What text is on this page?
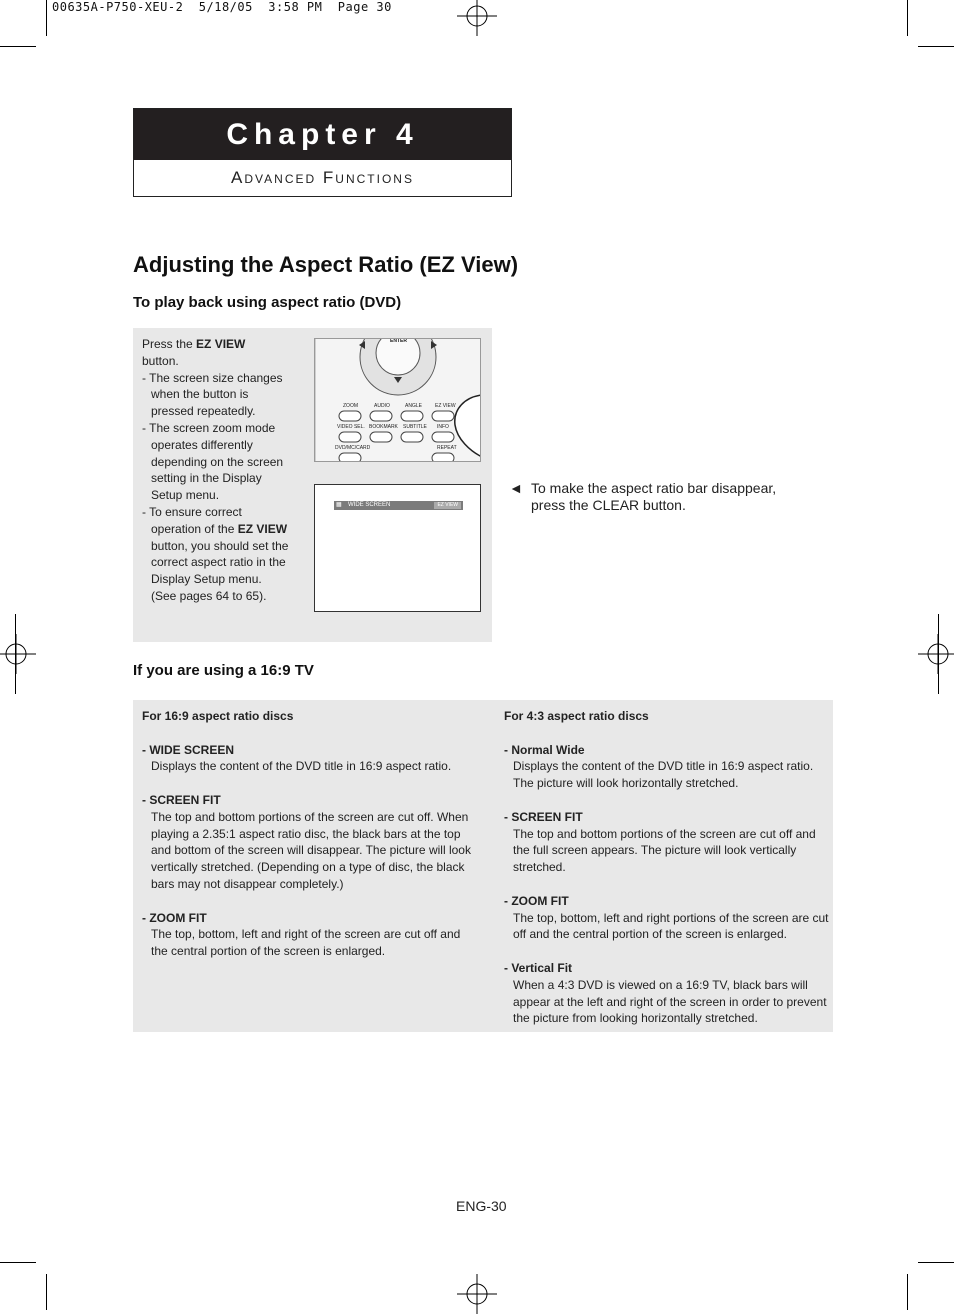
00635A-P750-XEU-2  5/18/05  3:58 PM  Page 30
Chapter 4
Advanced Functions
Adjusting the Aspect Ratio (EZ View)
To play back using aspect ratio (DVD)
Press the EZ VIEW
button.
- The screen size changes when the button is pressed repeatedly.
- The screen zoom mode operates differently depending on the screen setting in the Display Setup menu.
- To ensure correct operation of the EZ VIEW button, you should set the correct aspect ratio in the Display Setup menu.
(See pages 64 to 65).
ENTER
ZOOM	AUDIO	ANGLE	EZ VIEW
VIDEO SEL. BOOKMARK SUBTITLE INFO
DVD/MC/CARD	REPEAT
▦ WIDE SCREEN	EZ VIEW
◄ To make the aspect ratio bar disappear, press the CLEAR button.
If you are using a 16:9 TV
For 16:9 aspect ratio discs
- WIDE SCREEN
Displays the content of the DVD title in 16:9 aspect ratio.
- SCREEN FIT
The top and bottom portions of the screen are cut off. When playing a 2.35:1 aspect ratio disc, the black bars at the top and bottom of the screen will disappear. The picture will look vertically stretched. (Depending on a type of disc, the black bars may not disappear completely.)
- ZOOM FIT
The top, bottom, left and right of the screen are cut off and the central portion of the screen is enlarged.
For 4:3 aspect ratio discs
- Normal Wide
Displays the content of the DVD title in 16:9 aspect ratio. The picture will look horizontally stretched.
- SCREEN FIT
The top and bottom portions of the screen are cut off and the full screen appears. The picture will look vertically stretched.
- ZOOM FIT
The top, bottom, left and right portions of the screen are cut off and the central portion of the screen is enlarged.
- Vertical Fit
When a 4:3 DVD is viewed on a 16:9 TV, black bars will appear at the left and right of the screen in order to prevent the picture from looking horizontally stretched.
ENG-30
